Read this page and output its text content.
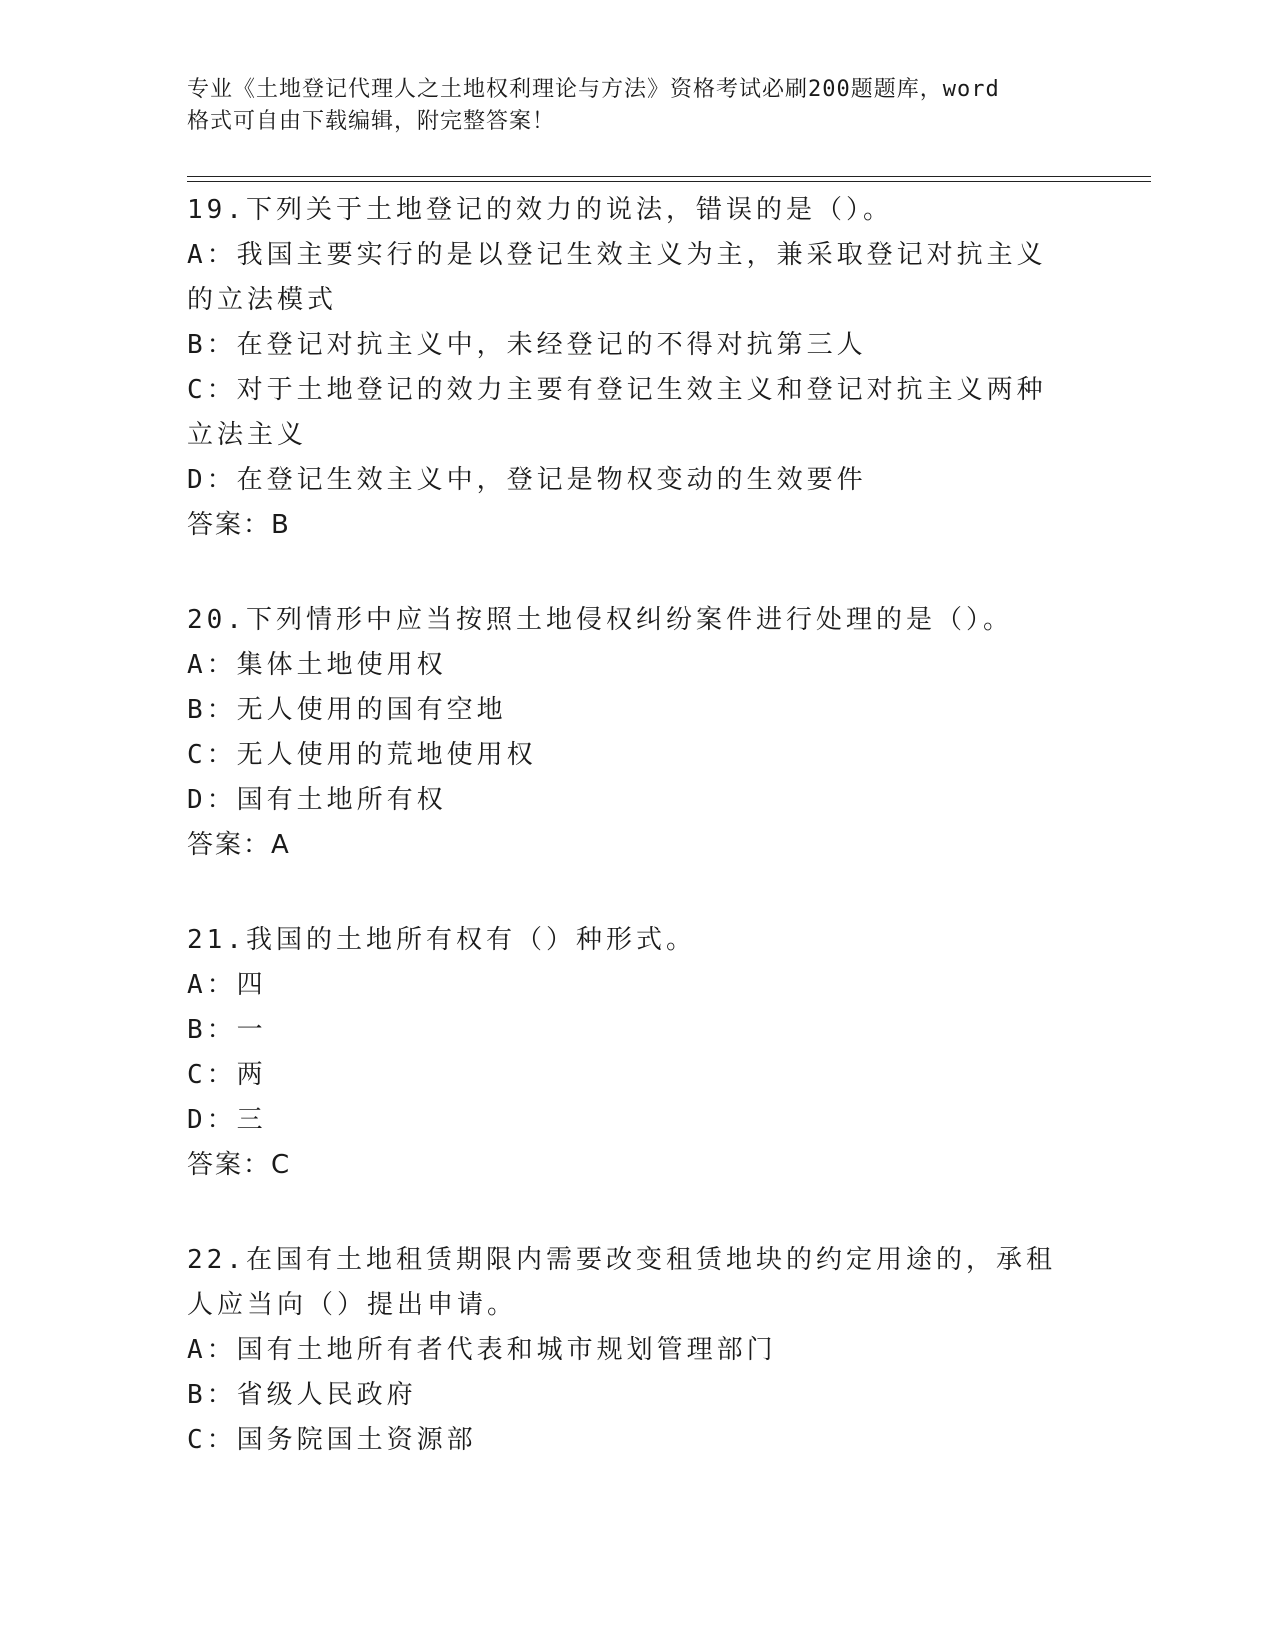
专业《土地登记代理人之土地权利理论与方法》资格考试必刷200题题库，word
格式可自由下载编辑，附完整答案！
19.下列关于土地登记的效力的说法，错误的是（）。
A：我国主要实行的是以登记生效主义为主，兼采取登记对抗主义的立法模式
B：在登记对抗主义中，未经登记的不得对抗第三人
C：对于土地登记的效力主要有登记生效主义和登记对抗主义两种立法主义
D：在登记生效主义中，登记是物权变动的生效要件
答案：B
20.下列情形中应当按照土地侵权纠纷案件进行处理的是（）。
A：集体土地使用权
B：无人使用的国有空地
C：无人使用的荒地使用权
D：国有土地所有权
答案：A
21.我国的土地所有权有（）种形式。
A：四
B：一
C：两
D：三
答案：C
22.在国有土地租赁期限内需要改变租赁地块的约定用途的，承租人应当向（）提出申请。
A：国有土地所有者代表和城市规划管理部门
B：省级人民政府
C：国务院国土资源部
